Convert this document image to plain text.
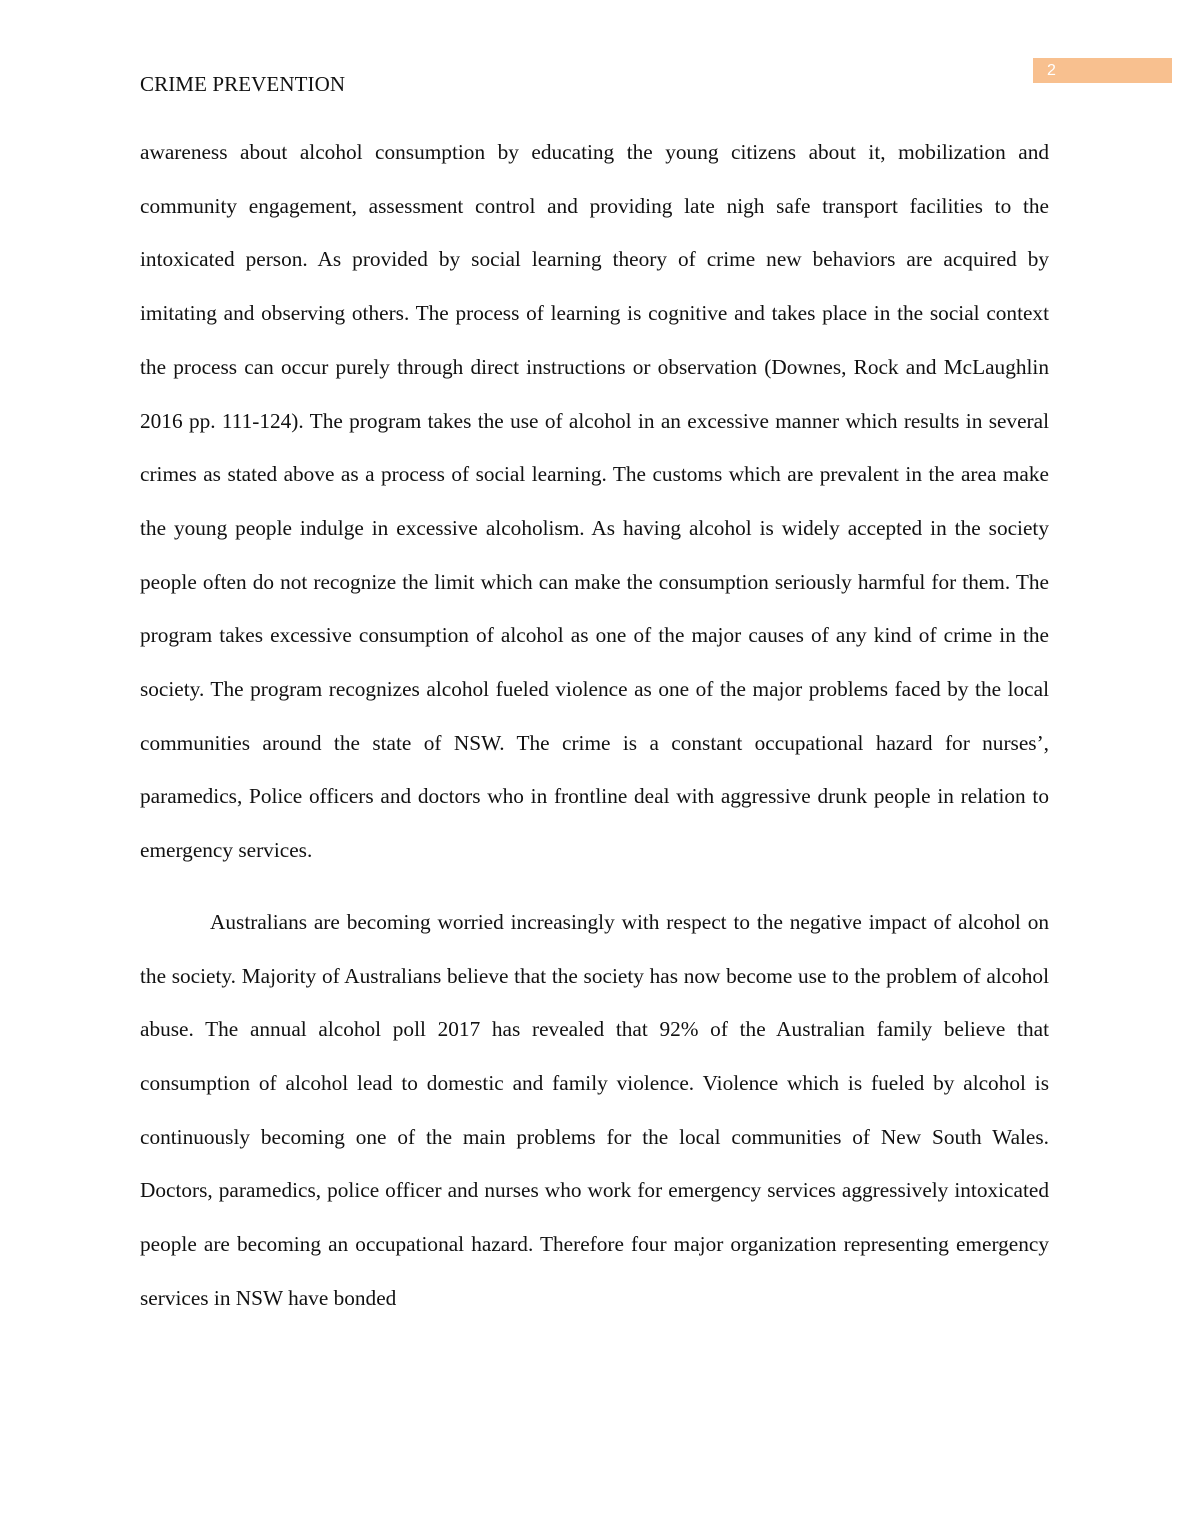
2
CRIME PREVENTION

awareness about alcohol consumption by educating the young citizens about it, mobilization and community engagement, assessment control and providing late nigh safe transport facilities to the intoxicated person. As provided by social learning theory of crime new behaviors are acquired by imitating and observing others. The process of learning is cognitive and takes place in the social context the process can occur purely through direct instructions or observation (Downes, Rock and McLaughlin 2016 pp. 111-124). The program takes the use of alcohol in an excessive manner which results in several crimes as stated above as a process of social learning. The customs which are prevalent in the area make the young people indulge in excessive alcoholism. As having alcohol is widely accepted in the society people often do not recognize the limit which can make the consumption seriously harmful for them. The program takes excessive consumption of alcohol as one of the major causes of any kind of crime in the society. The program recognizes alcohol fueled violence as one of the major problems faced by the local communities around the state of NSW. The crime is a constant occupational hazard for nurses’, paramedics, Police officers and doctors who in frontline deal with aggressive drunk people in relation to emergency services.

Australians are becoming worried increasingly with respect to the negative impact of alcohol on the society. Majority of Australians believe that the society has now become use to the problem of alcohol abuse. The annual alcohol poll 2017 has revealed that 92% of the Australian family believe that consumption of alcohol lead to domestic and family violence. Violence which is fueled by alcohol is continuously becoming one of the main problems for the local communities of New South Wales. Doctors, paramedics, police officer and nurses who work for emergency services aggressively intoxicated people are becoming an occupational hazard. Therefore four major organization representing emergency services in NSW have bonded
